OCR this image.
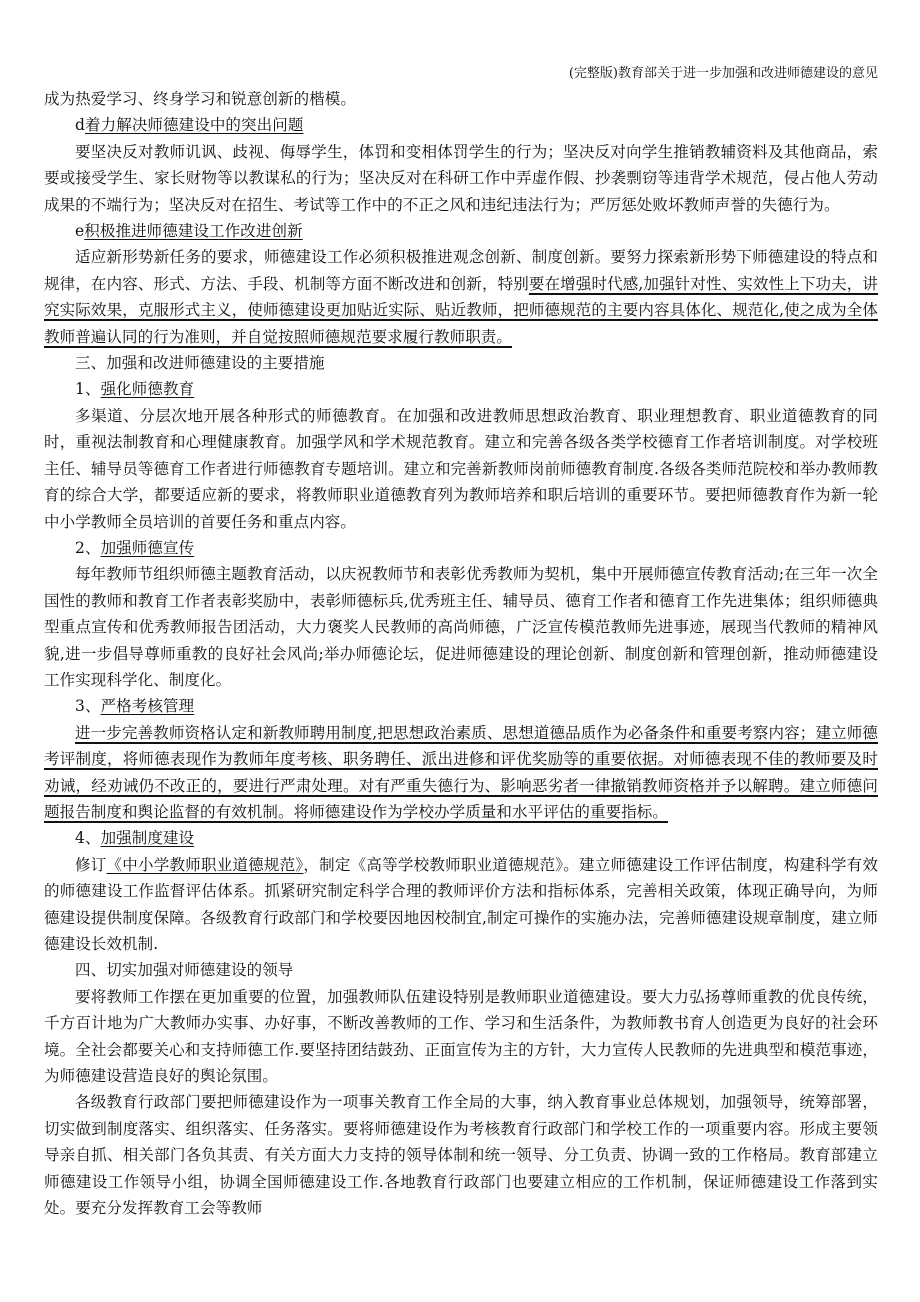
(完整版)教育部关于进一步加强和改进师德建设的意见

成为热爱学习、终身学习和锐意创新的楷模。

d着力解决师德建设中的突出问题

要坚决反对教师讥讽、歧视、侮辱学生，体罚和变相体罚学生的行为；坚决反对向学生推销教辅资料及其他商品，索要或接受学生、家长财物等以教谋私的行为；坚决反对在科研工作中弄虚作假、抄袭剽窃等违背学术规范，侵占他人劳动成果的不端行为；坚决反对在招生、考试等工作中的不正之风和违纪违法行为；严厉惩处败坏教师声誉的失德行为。

e积极推进师德建设工作改进创新

适应新形势新任务的要求，师德建设工作必须积极推进观念创新、制度创新。要努力探索新形势下师德建设的特点和规律，在内容、形式、方法、手段、机制等方面不断改进和创新，特别要在增强时代感,加强针对性、实效性上下功夫，讲究实际效果，克服形式主义，使师德建设更加贴近实际、贴近教师，把师德规范的主要内容具体化、规范化,使之成为全体教师普遍认同的行为准则，并自觉按照师德规范要求履行教师职责。

三、加强和改进师德建设的主要措施

1、强化师德教育

多渠道、分层次地开展各种形式的师德教育。在加强和改进教师思想政治教育、职业理想教育、职业道德教育的同时，重视法制教育和心理健康教育。加强学风和学术规范教育。建立和完善各级各类学校德育工作者培训制度。对学校班主任、辅导员等德育工作者进行师德教育专题培训。建立和完善新教师岗前师德教育制度.各级各类师范院校和举办教师教育的综合大学，都要适应新的要求，将教师职业道德教育列为教师培养和职后培训的重要环节。要把师德教育作为新一轮中小学教师全员培训的首要任务和重点内容。

2、加强师德宣传

每年教师节组织师德主题教育活动，以庆祝教师节和表彰优秀教师为契机，集中开展师德宣传教育活动;在三年一次全国性的教师和教育工作者表彰奖励中，表彰师德标兵,优秀班主任、辅导员、德育工作者和德育工作先进集体；组织师德典型重点宣传和优秀教师报告团活动，大力褒奖人民教师的高尚师德，广泛宣传模范教师先进事迹，展现当代教师的精神风貌,进一步倡导尊师重教的良好社会风尚;举办师德论坛，促进师德建设的理论创新、制度创新和管理创新，推动师德建设工作实现科学化、制度化。

3、严格考核管理

进一步完善教师资格认定和新教师聘用制度,把思想政治素质、思想道德品质作为必备条件和重要考察内容；建立师德考评制度，将师德表现作为教师年度考核、职务聘任、派出进修和评优奖励等的重要依据。对师德表现不佳的教师要及时劝诫，经劝诫仍不改正的，要进行严肃处理。对有严重失德行为、影响恶劣者一律撤销教师资格并予以解聘。建立师德问题报告制度和舆论监督的有效机制。将师德建设作为学校办学质量和水平评估的重要指标。

4、加强制度建设

修订《中小学教师职业道德规范》，制定《高等学校教师职业道德规范》。建立师德建设工作评估制度，构建科学有效的师德建设工作监督评估体系。抓紧研究制定科学合理的教师评价方法和指标体系，完善相关政策，体现正确导向，为师德建设提供制度保障。各级教育行政部门和学校要因地因校制宜,制定可操作的实施办法，完善师德建设规章制度，建立师德建设长效机制.

四、切实加强对师德建设的领导

要将教师工作摆在更加重要的位置，加强教师队伍建设特别是教师职业道德建设。要大力弘扬尊师重教的优良传统，千方百计地为广大教师办实事、办好事，不断改善教师的工作、学习和生活条件，为教师教书育人创造更为良好的社会环境。全社会都要关心和支持师德工作.要坚持团结鼓劲、正面宣传为主的方针，大力宣传人民教师的先进典型和模范事迹，为师德建设营造良好的舆论氛围。

各级教育行政部门要把师德建设作为一项事关教育工作全局的大事，纳入教育事业总体规划，加强领导，统筹部署，切实做到制度落实、组织落实、任务落实。要将师德建设作为考核教育行政部门和学校工作的一项重要内容。形成主要领导亲自抓、相关部门各负其责、有关方面大力支持的领导体制和统一领导、分工负责、协调一致的工作格局。教育部建立师德建设工作领导小组，协调全国师德建设工作.各地教育行政部门也要建立相应的工作机制，保证师德建设工作落到实处。要充分发挥教育工会等教师
